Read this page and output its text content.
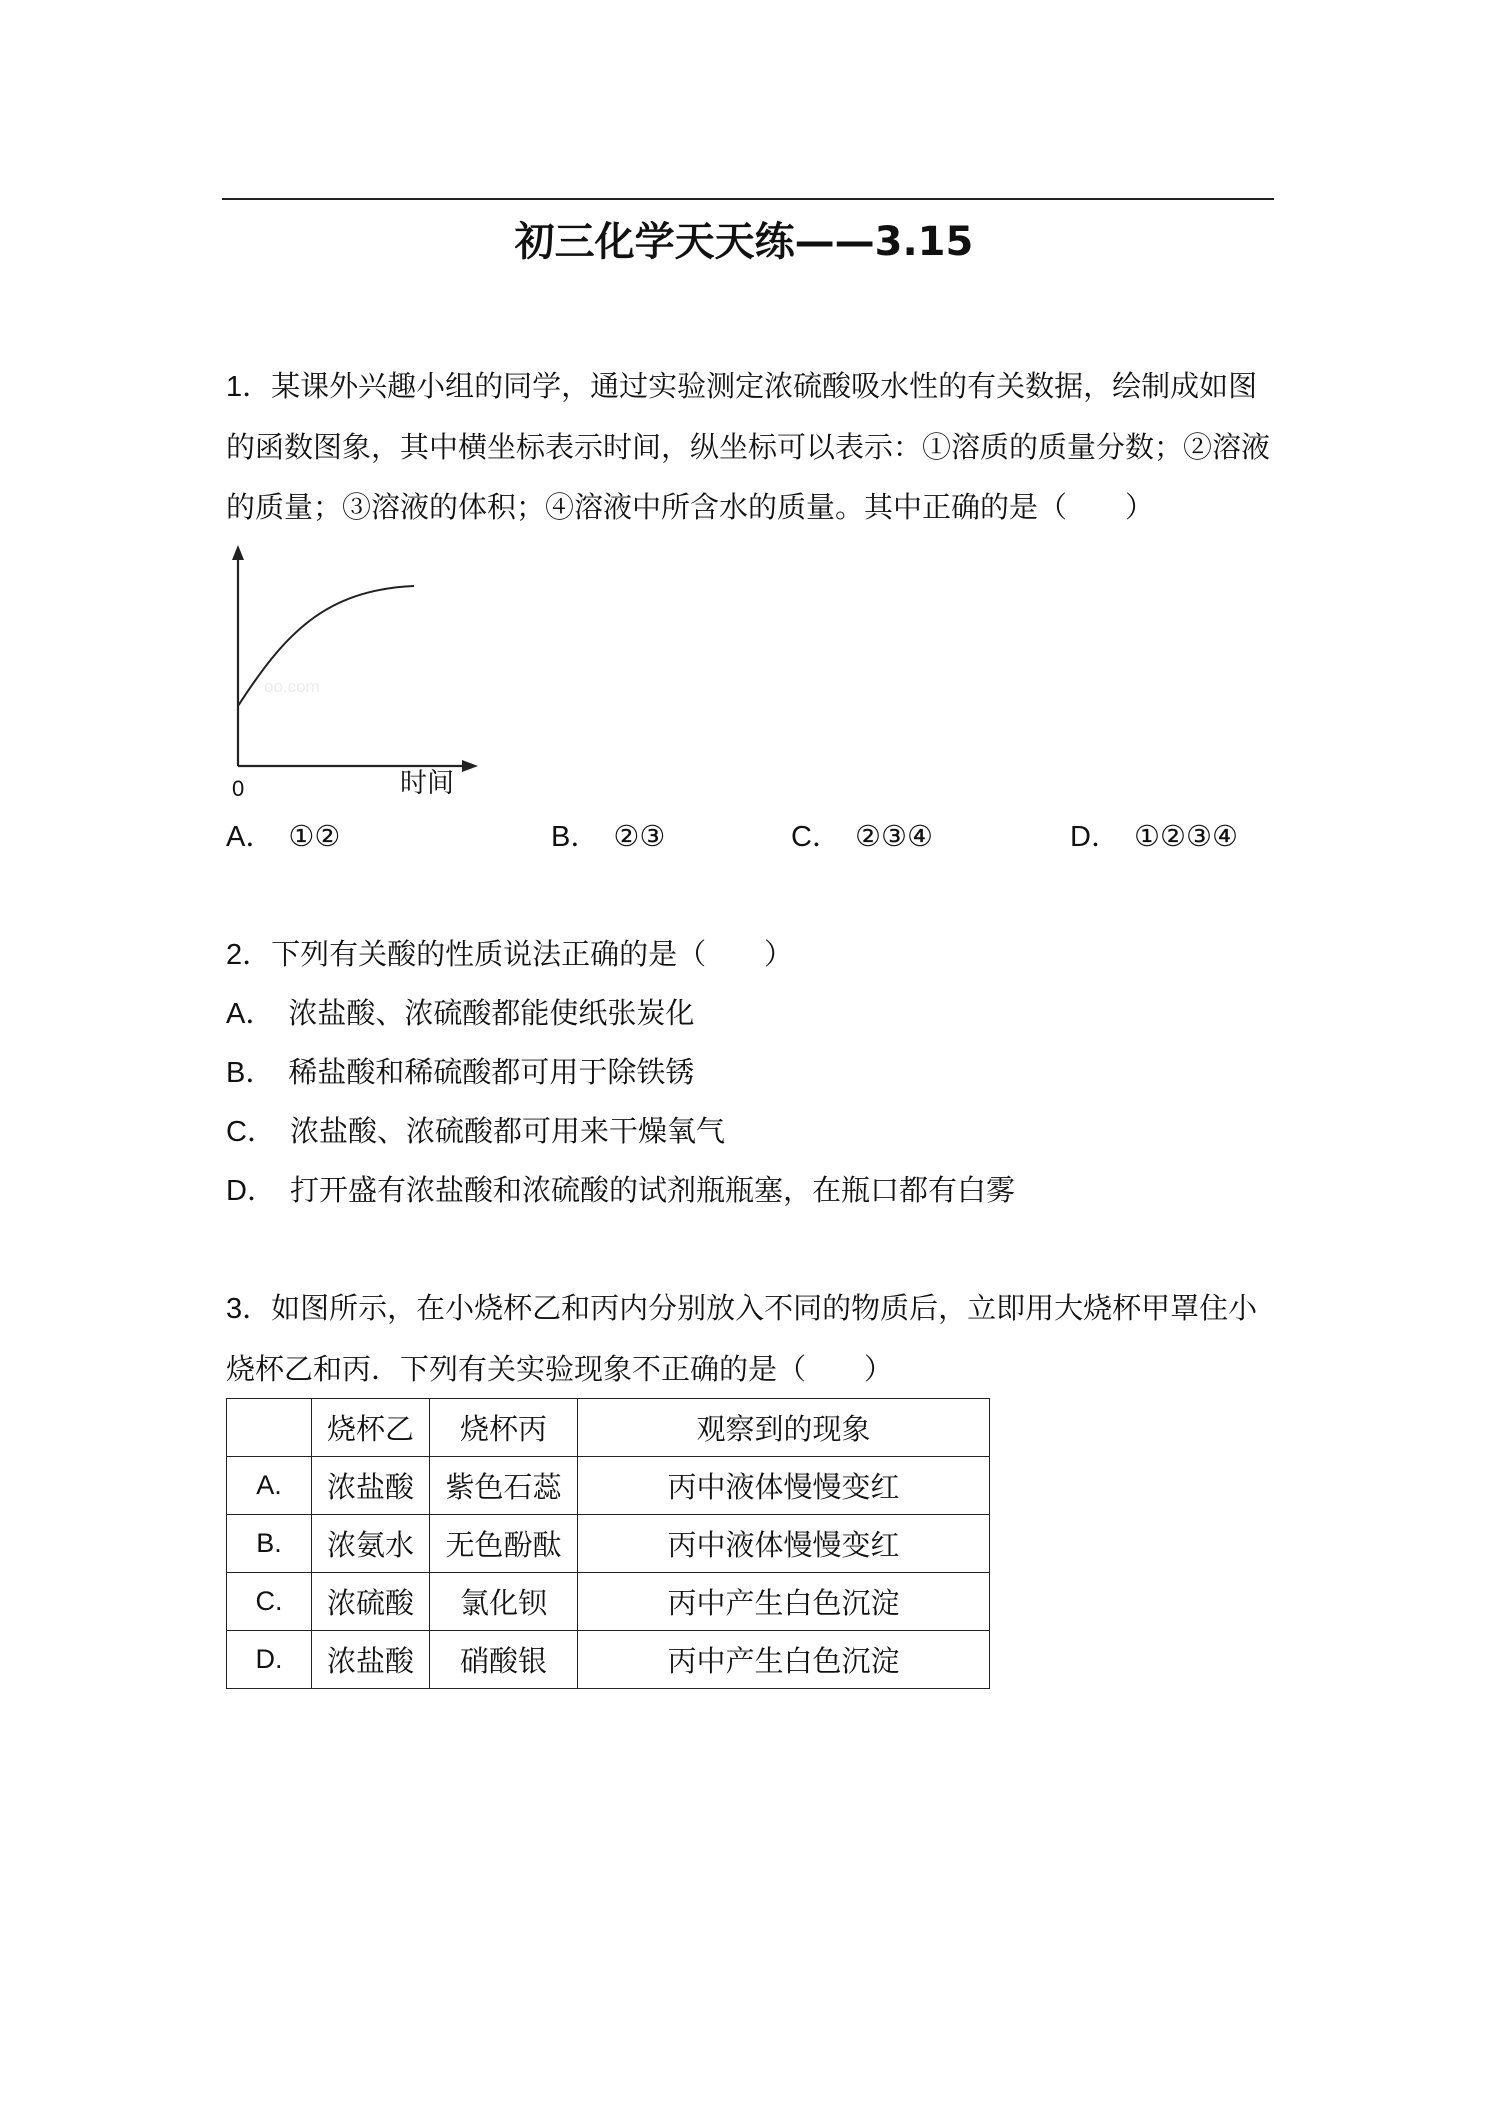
初三化学天天练——3.15

1．某课外兴趣小组的同学，通过实验测定浓硫酸吸水性的有关数据，绘制成如图的函数图象，其中横坐标表示时间，纵坐标可以表示：①溶质的质量分数；②溶液的质量；③溶液的体积；④溶液中所含水的质量。其中正确的是（　　）

oo.com
0	时间
A． ①②	B． ②③	C． ②③④	D． ①②③④

2．下列有关酸的性质说法正确的是（　　）

A． 浓盐酸、浓硫酸都能使纸张炭化
B． 稀盐酸和稀硫酸都可用于除铁锈
C． 浓盐酸、浓硫酸都可用来干燥氧气
D． 打开盛有浓盐酸和浓硫酸的试剂瓶瓶塞，在瓶口都有白雾

3．如图所示，在小烧杯乙和丙内分别放入不同的物质后，立即用大烧杯甲罩住小烧杯乙和丙．下列有关实验现象不正确的是（　　）

	烧杯乙	烧杯丙	观察到的现象
A.	浓盐酸	紫色石蕊	丙中液体慢慢变红
B.	浓氨水	无色酚酞	丙中液体慢慢变红
C.	浓硫酸	氯化钡	丙中产生白色沉淀
D.	浓盐酸	硝酸银	丙中产生白色沉淀
